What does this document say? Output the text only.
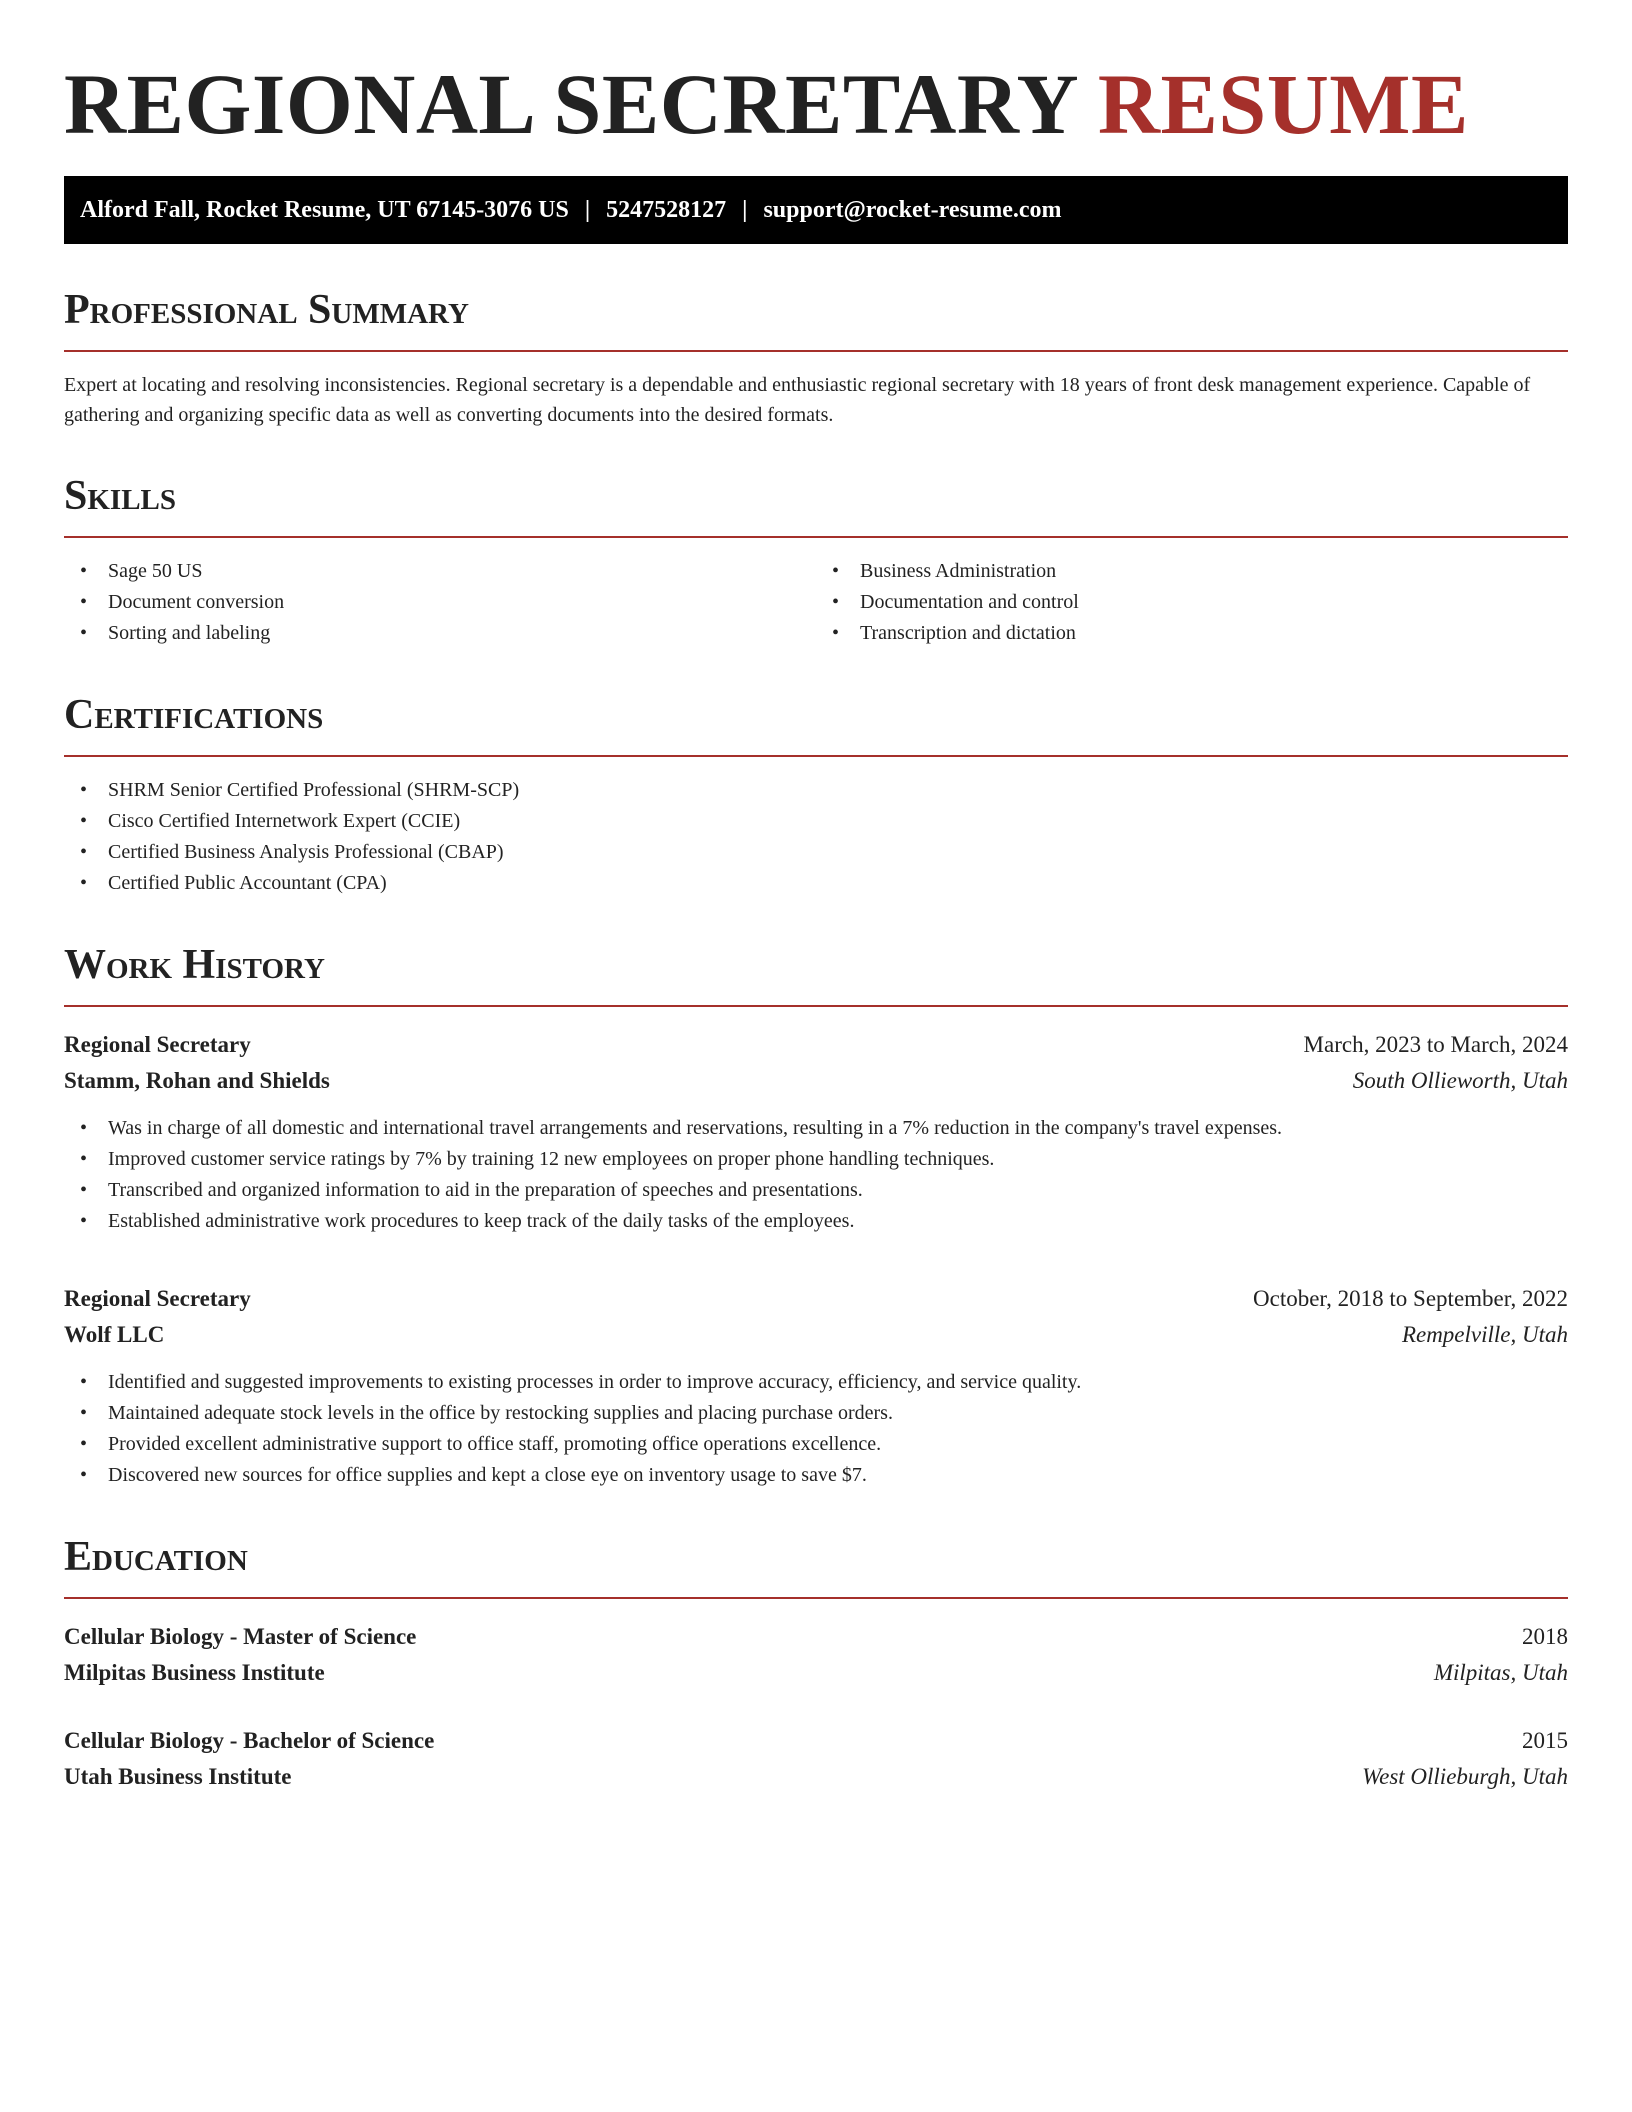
REGIONAL SECRETARY RESUME
Alford Fall, Rocket Resume, UT 67145-3076 US | 5247528127 | support@rocket-resume.com
Professional Summary
Expert at locating and resolving inconsistencies. Regional secretary is a dependable and enthusiastic regional secretary with 18 years of front desk management experience. Capable of gathering and organizing specific data as well as converting documents into the desired formats.
Skills
• Sage 50 US
• Document conversion
• Sorting and labeling
• Business Administration
• Documentation and control
• Transcription and dictation
Certifications
• SHRM Senior Certified Professional (SHRM-SCP)
• Cisco Certified Internetwork Expert (CCIE)
• Certified Business Analysis Professional (CBAP)
• Certified Public Accountant (CPA)
Work History
Regional Secretary	March, 2023 to March, 2024
Stamm, Rohan and Shields	South Ollieworth, Utah
• Was in charge of all domestic and international travel arrangements and reservations, resulting in a 7% reduction in the company's travel expenses.
• Improved customer service ratings by 7% by training 12 new employees on proper phone handling techniques.
• Transcribed and organized information to aid in the preparation of speeches and presentations.
• Established administrative work procedures to keep track of the daily tasks of the employees.
Regional Secretary	October, 2018 to September, 2022
Wolf LLC	Rempelville, Utah
• Identified and suggested improvements to existing processes in order to improve accuracy, efficiency, and service quality.
• Maintained adequate stock levels in the office by restocking supplies and placing purchase orders.
• Provided excellent administrative support to office staff, promoting office operations excellence.
• Discovered new sources for office supplies and kept a close eye on inventory usage to save $7.
Education
Cellular Biology - Master of Science	2018
Milpitas Business Institute	Milpitas, Utah
Cellular Biology - Bachelor of Science	2015
Utah Business Institute	West Ollieburgh, Utah
